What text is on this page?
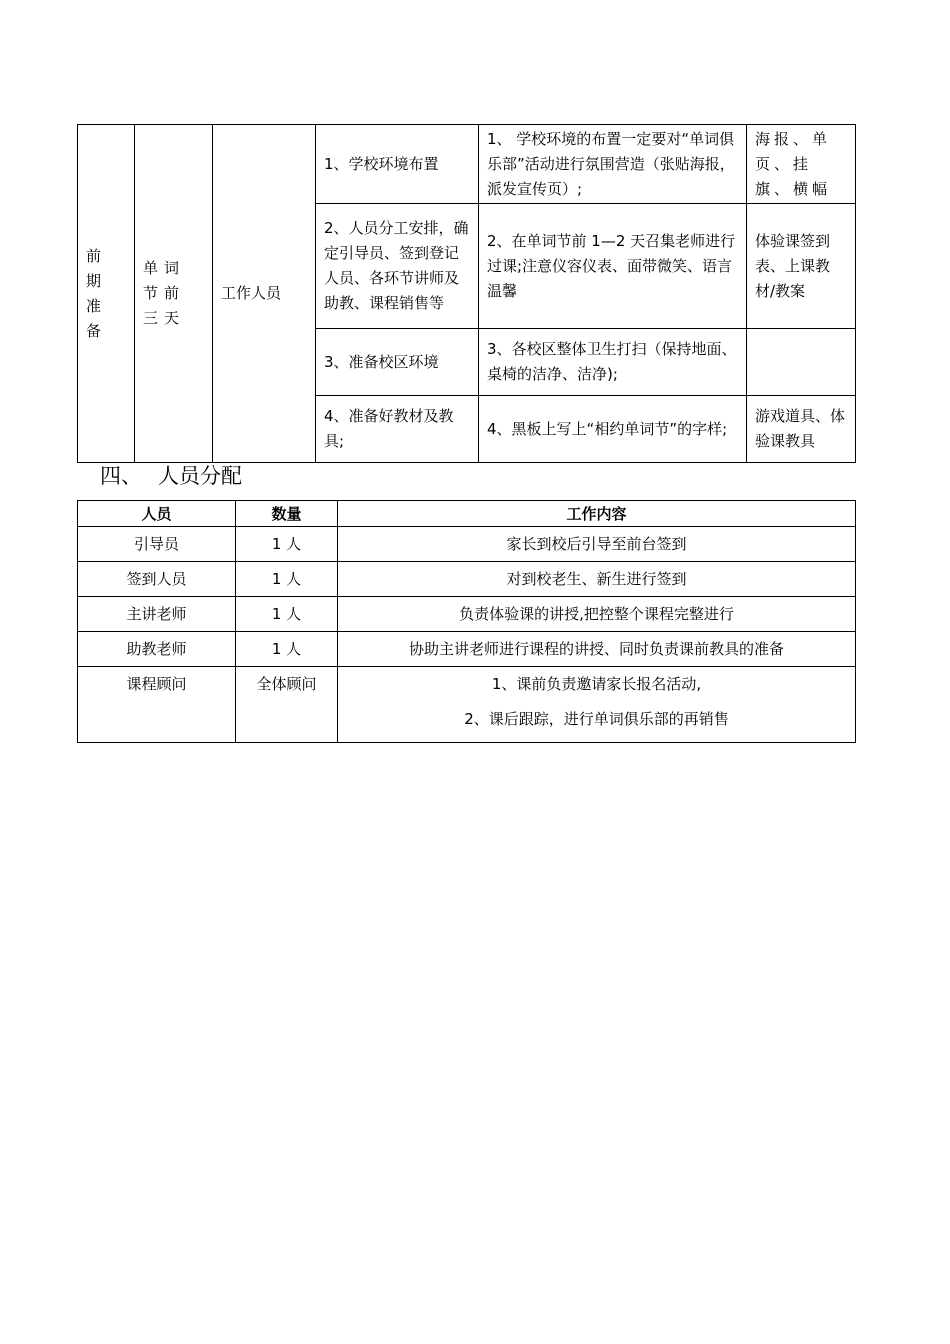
前期准备	单词节前三天	工作人员	1、学校环境布置	1、 学校环境的布置一定要对“单词俱乐部”活动进行氛围营造（张贴海报，派发宣传页）;	海报、单页、挂旗、横幅
			2、人员分工安排，确定引导员、签到登记人员、各环节讲师及助教、课程销售等	2、在单词节前 1—2 天召集老师进行过课;注意仪容仪表、面带微笑、语言温馨	体验课签到表、上课教材/教案
			3、准备校区环境	3、各校区整体卫生打扫（保持地面、桌椅的洁净、洁净);	
			4、准备好教材及教具;	4、黑板上写上“相约单词节”的字样;	游戏道具、体验课教具
四、 人员分配
人员	数量	工作内容
引导员	1 人	家长到校后引导至前台签到
签到人员	1 人	对到校老生、新生进行签到
主讲老师	1 人	负责体验课的讲授,把控整个课程完整进行
助教老师	1 人	协助主讲老师进行课程的讲授、同时负责课前教具的准备
课程顾问	全体顾问	1、课前负责邀请家长报名活动,
2、课后跟踪，进行单词俱乐部的再销售
